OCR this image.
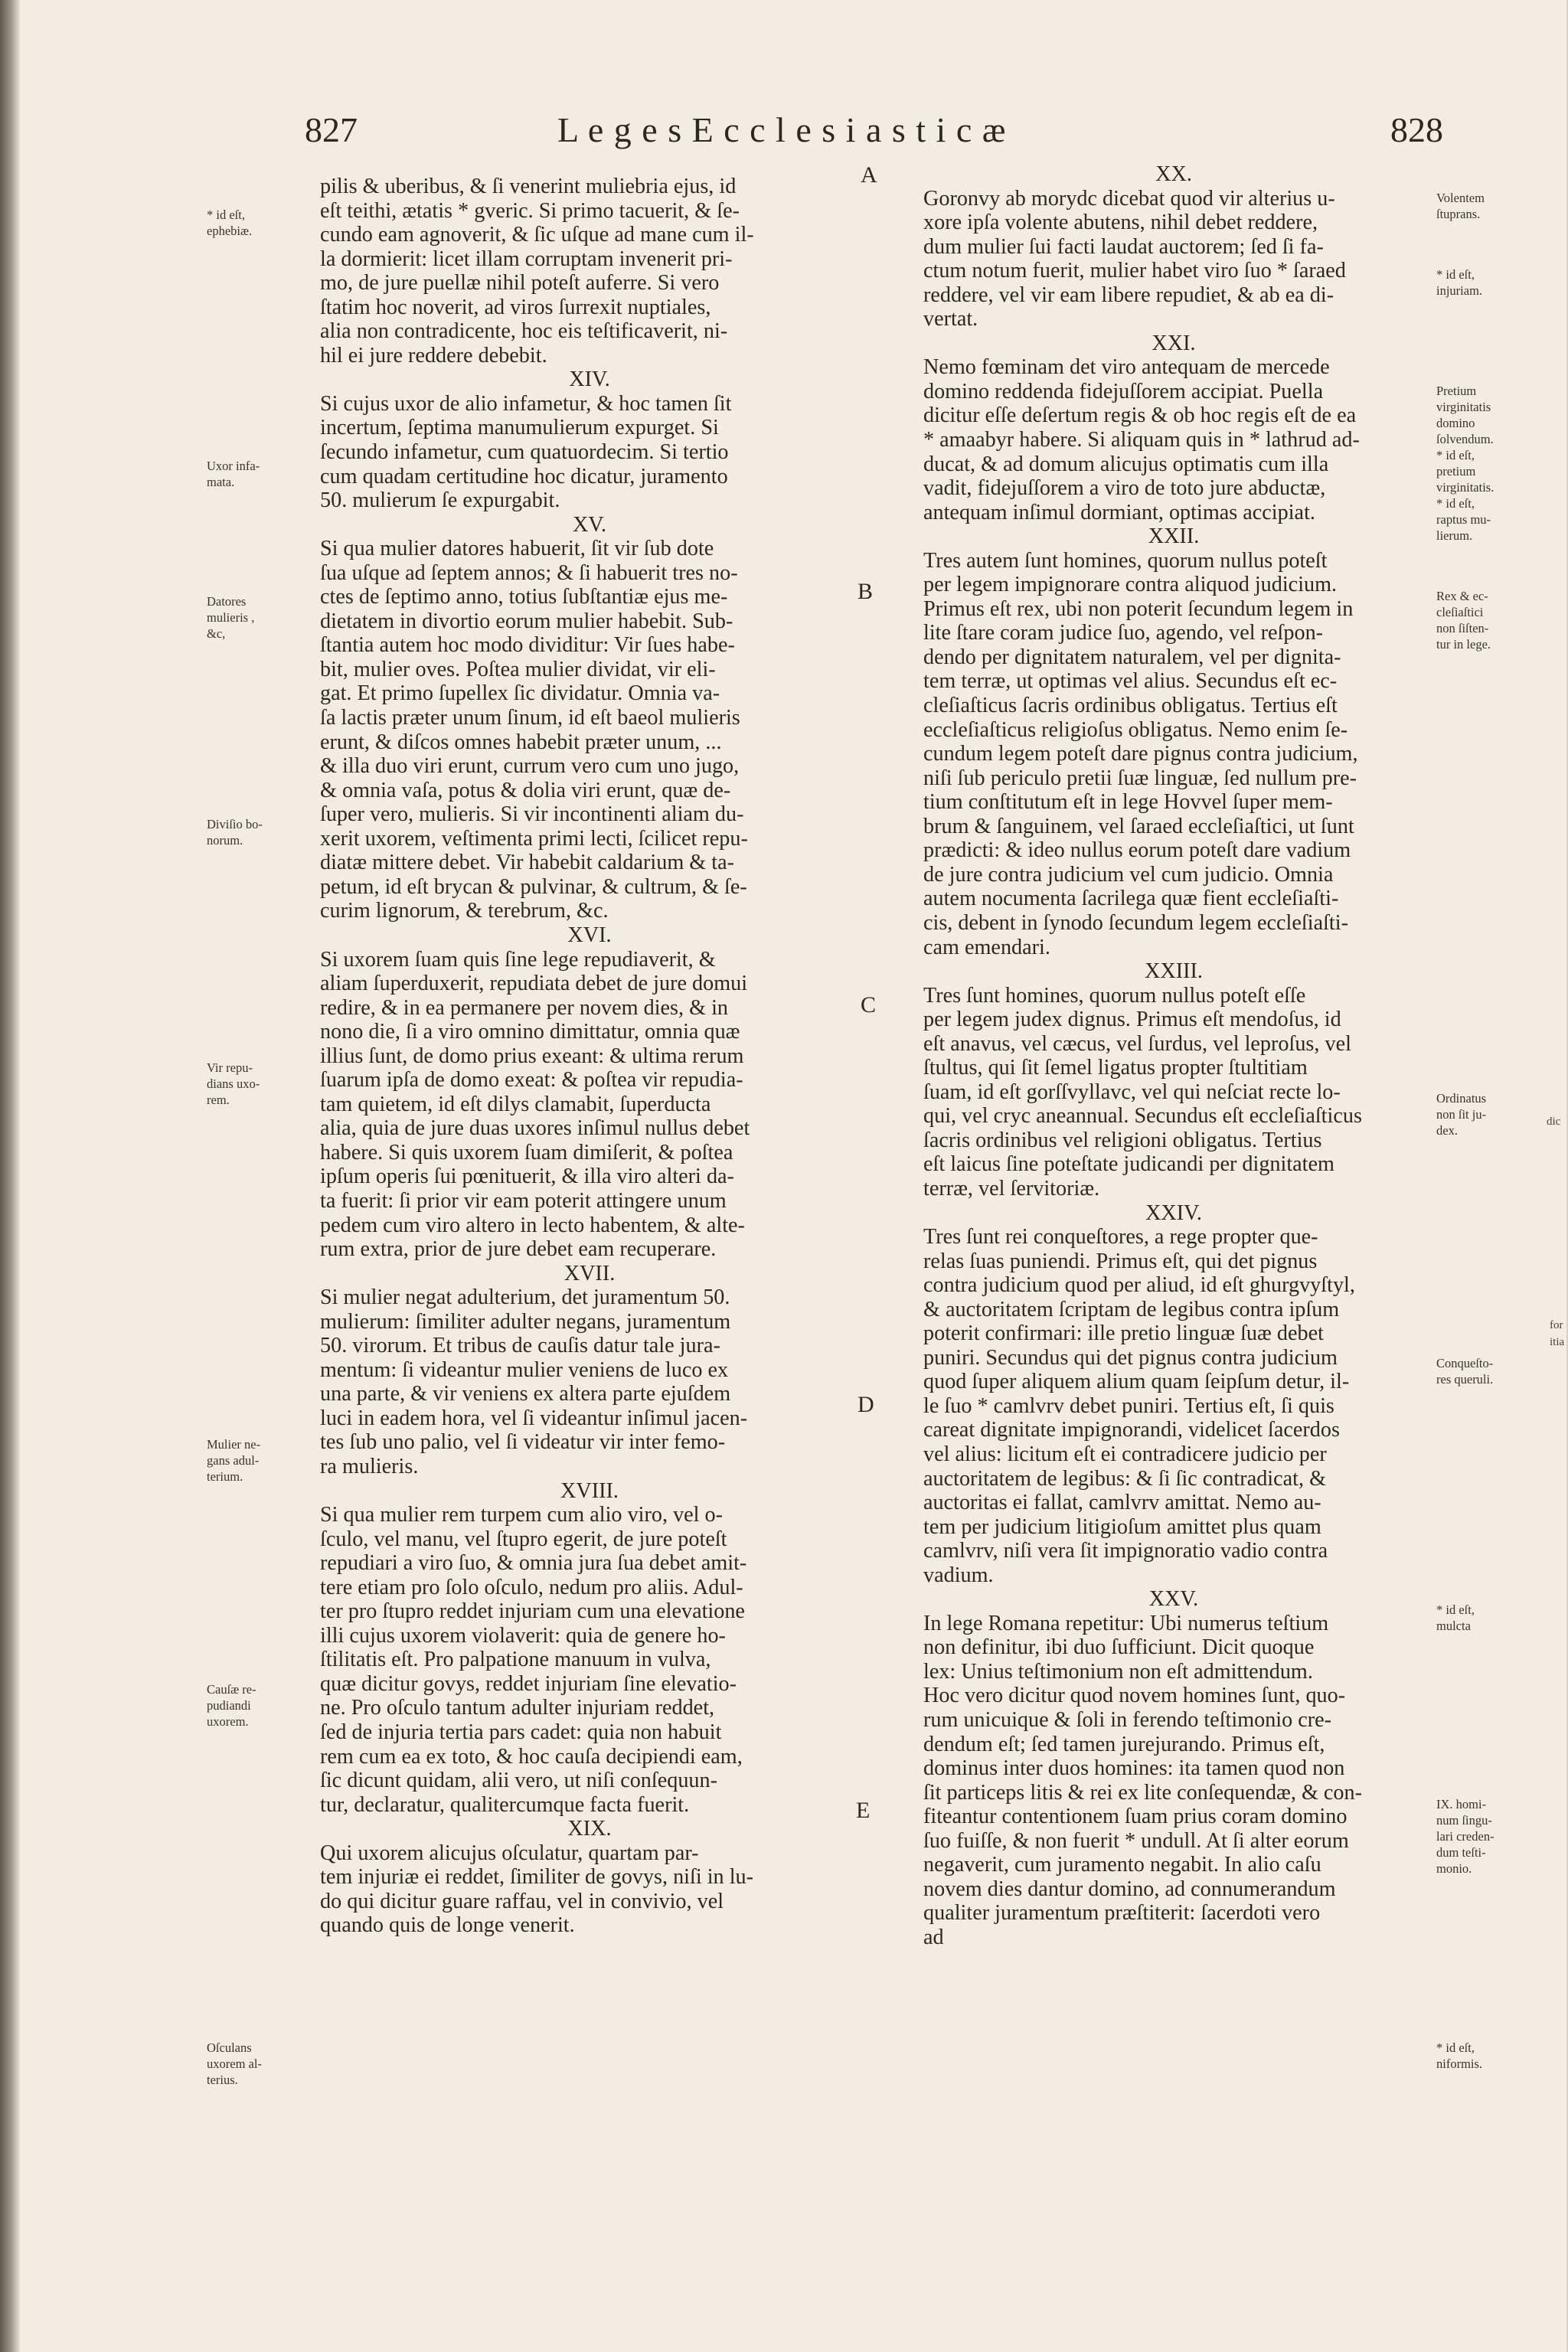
827	L e g e s E c c l e s i a s t i c æ	828
* id eſt,
ephebiæ.
Uxor infa-
mata.
Datores
mulieris ,
&c,
Diviſio bo-
norum.
Vir repu-
dians uxo-
rem.
Mulier ne-
gans adul-
terium.
Cauſæ re-
pudiandi
uxorem.
Oſculans
uxorem al-
terius.
Volentem
ſtuprans.
* id eſt,
injuriam.
Pretium
virginitatis
domino
ſolvendum.
* id eſt,
pretium
virginitatis.
* id eſt,
raptus mu-
lierum.
Rex & ec-
cleſiaſtici
non ſiſten-
tur in lege.
Ordinatus
non ſit ju-
dex.
Conqueſto-
res queruli.
* id eſt,
mulcta
IX. homi-
num ſingu-
lari creden-
dum teſti-
monio.
* id eſt,
niformis.
pilis & uberibus, & ſi venerint muliebria ejus, id
eſt teithi, ætatis * gveric. Si primo tacuerit, & ſe-
cundo eam agnoverit, & ſic uſque ad mane cum il-
la dormierit: licet illam corruptam invenerit pri-
mo, de jure puellæ nihil poteſt auferre. Si vero
ſtatim hoc noverit, ad viros ſurrexit nuptiales,
alia non contradicente, hoc eis teſtificaverit, ni-
hil ei jure reddere debebit.
XIV.
Si cujus uxor de alio infametur, & hoc tamen ſit
incertum, ſeptima manumulierum expurget. Si
ſecundo infametur, cum quatuordecim. Si tertio
cum quadam certitudine hoc dicatur, juramento
50. mulierum ſe expurgabit.
XV.
Si qua mulier datores habuerit, ſit vir ſub dote
ſua uſque ad ſeptem annos; & ſi habuerit tres no-
ctes de ſeptimo anno, totius ſubſtantiæ ejus me-
dietatem in divortio eorum mulier habebit. Sub-
ſtantia autem hoc modo dividitur: Vir ſues habe-
bit, mulier oves. Poſtea mulier dividat, vir eli-
gat. Et primo ſupellex ſic dividatur. Omnia va-
ſa lactis præter unum ſinum, id eſt baeol mulieris
erunt, & diſcos omnes habebit præter unum, ...
& illa duo viri erunt, currum vero cum uno jugo,
& omnia vaſa, potus & dolia viri erunt, quæ de-
ſuper vero, mulieris. Si vir incontinenti aliam du-
xerit uxorem, veſtimenta primi lecti, ſcilicet repu-
diatæ mittere debet. Vir habebit caldarium & ta-
petum, id eſt brycan & pulvinar, & cultrum, & ſe-
curim lignorum, & terebrum, &c.
XVI.
Si uxorem ſuam quis ſine lege repudiaverit, &
aliam ſuperduxerit, repudiata debet de jure domui
redire, & in ea permanere per novem dies, & in
nono die, ſi a viro omnino dimittatur, omnia quæ
illius ſunt, de domo prius exeant: & ultima rerum
ſuarum ipſa de domo exeat: & poſtea vir repudia-
tam quietem, id eſt dilys clamabit, ſuperducta
alia, quia de jure duas uxores inſimul nullus debet
habere. Si quis uxorem ſuam dimiſerit, & poſtea
ipſum operis ſui pœnituerit, & illa viro alteri da-
ta fuerit: ſi prior vir eam poterit attingere unum
pedem cum viro altero in lecto habentem, & alte-
rum extra, prior de jure debet eam recuperare.
XVII.
Si mulier negat adulterium, det juramentum 50.
mulierum: ſimiliter adulter negans, juramentum
50. virorum. Et tribus de cauſis datur tale jura-
mentum: ſi videantur mulier veniens de luco ex
una parte, & vir veniens ex altera parte ejuſdem
luci in eadem hora, vel ſi videantur inſimul jacen-
tes ſub uno palio, vel ſi videatur vir inter femo-
ra mulieris.
XVIII.
Si qua mulier rem turpem cum alio viro, vel o-
ſculo, vel manu, vel ſtupro egerit, de jure poteſt
repudiari a viro ſuo, & omnia jura ſua debet amit-
tere etiam pro ſolo oſculo, nedum pro aliis. Adul-
ter pro ſtupro reddet injuriam cum una elevatione
illi cujus uxorem violaverit: quia de genere ho-
ſtilitatis eſt. Pro palpatione manuum in vulva,
quæ dicitur govys, reddet injuriam ſine elevatio-
ne. Pro oſculo tantum adulter injuriam reddet,
ſed de injuria tertia pars cadet: quia non habuit
rem cum ea ex toto, & hoc cauſa decipiendi eam,
ſic dicunt quidam, alii vero, ut niſi conſequun-
tur, declaratur, qualitercumque facta fuerit.
XIX.
Qui uxorem alicujus oſculatur, quartam par-
tem injuriæ ei reddet, ſimiliter de govys, niſi in lu-
do qui dicitur guare raffau, vel in convivio, vel
quando quis de longe venerit.
XX.
Goronvy ab morydc dicebat quod vir alterius u-
xore ipſa volente abutens, nihil debet reddere,
dum mulier ſui facti laudat auctorem; ſed ſi fa-
ctum notum fuerit, mulier habet viro ſuo * ſaraed
reddere, vel vir eam libere repudiet, & ab ea di-
vertat.
XXI.
Nemo fœminam det viro antequam de mercede
domino reddenda fidejuſſorem accipiat. Puella
dicitur eſſe deſertum regis & ob hoc regis eſt de ea
* amaabyr habere. Si aliquam quis in * lathrud ad-
ducat, & ad domum alicujus optimatis cum illa
vadit, fidejuſſorem a viro de toto jure abductæ,
antequam inſimul dormiant, optimas accipiat.
XXII.
Tres autem ſunt homines, quorum nullus poteſt
per legem impignorare contra aliquod judicium.
Primus eſt rex, ubi non poterit ſecundum legem in
lite ſtare coram judice ſuo, agendo, vel reſpon-
dendo per dignitatem naturalem, vel per dignita-
tem terræ, ut optimas vel alius. Secundus eſt ec-
cleſiaſticus ſacris ordinibus obligatus. Tertius eſt
eccleſiaſticus religioſus obligatus. Nemo enim ſe-
cundum legem poteſt dare pignus contra judicium,
niſi ſub periculo pretii ſuæ linguæ, ſed nullum pre-
tium conſtitutum eſt in lege Hovvel ſuper mem-
brum & ſanguinem, vel ſaraed eccleſiaſtici, ut ſunt
prædicti: & ideo nullus eorum poteſt dare vadium
de jure contra judicium vel cum judicio. Omnia
autem nocumenta ſacrilega quæ fient eccleſiaſti-
cis, debent in ſynodo ſecundum legem eccleſiaſti-
cam emendari.
XXIII.
Tres ſunt homines, quorum nullus poteſt eſſe
per legem judex dignus. Primus eſt mendoſus, id
eſt anavus, vel cæcus, vel ſurdus, vel leproſus, vel
ſtultus, qui ſit ſemel ligatus propter ſtultitiam
ſuam, id eſt gorſſvyllavc, vel qui neſciat recte lo-
qui, vel cryc aneannual. Secundus eſt eccleſiaſticus
ſacris ordinibus vel religioni obligatus. Tertius
eſt laicus ſine poteſtate judicandi per dignitatem
terræ, vel ſervitoriæ.
XXIV.
Tres ſunt rei conqueſtores, a rege propter que-
relas ſuas puniendi. Primus eſt, qui det pignus
contra judicium quod per aliud, id eſt ghurgvyſtyl,
& auctoritatem ſcriptam de legibus contra ipſum
poterit confirmari: ille pretio linguæ ſuæ debet
puniri. Secundus qui det pignus contra judicium
quod ſuper aliquem alium quam ſeipſum detur, il-
le ſuo * camlvrv debet puniri. Tertius eſt, ſi quis
careat dignitate impignorandi, videlicet ſacerdos
vel alius: licitum eſt ei contradicere judicio per
auctoritatem de legibus: & ſi ſic contradicat, &
auctoritas ei fallat, camlvrv amittat. Nemo au-
tem per judicium litigioſum amittet plus quam
camlvrv, niſi vera ſit impignoratio vadio contra
vadium.
XXV.
In lege Romana repetitur: Ubi numerus teſtium
non definitur, ibi duo ſufficiunt. Dicit quoque
lex: Unius teſtimonium non eſt admittendum.
Hoc vero dicitur quod novem homines ſunt, quo-
rum unicuique & ſoli in ferendo teſtimonio cre-
dendum eſt; ſed tamen jurejurando. Primus eſt,
dominus inter duos homines: ita tamen quod non
ſit particeps litis & rei ex lite conſequendæ, & con-
fiteantur contentionem ſuam prius coram domino
ſuo fuiſſe, & non fuerit * undull. At ſi alter eorum
negaverit, cum juramento negabit. In alio caſu
novem dies dantur domino, ad connumerandum
qualiter juramentum præſtiterit: ſacerdoti vero
ad
A
B
C
D
E
dic
for
itia
